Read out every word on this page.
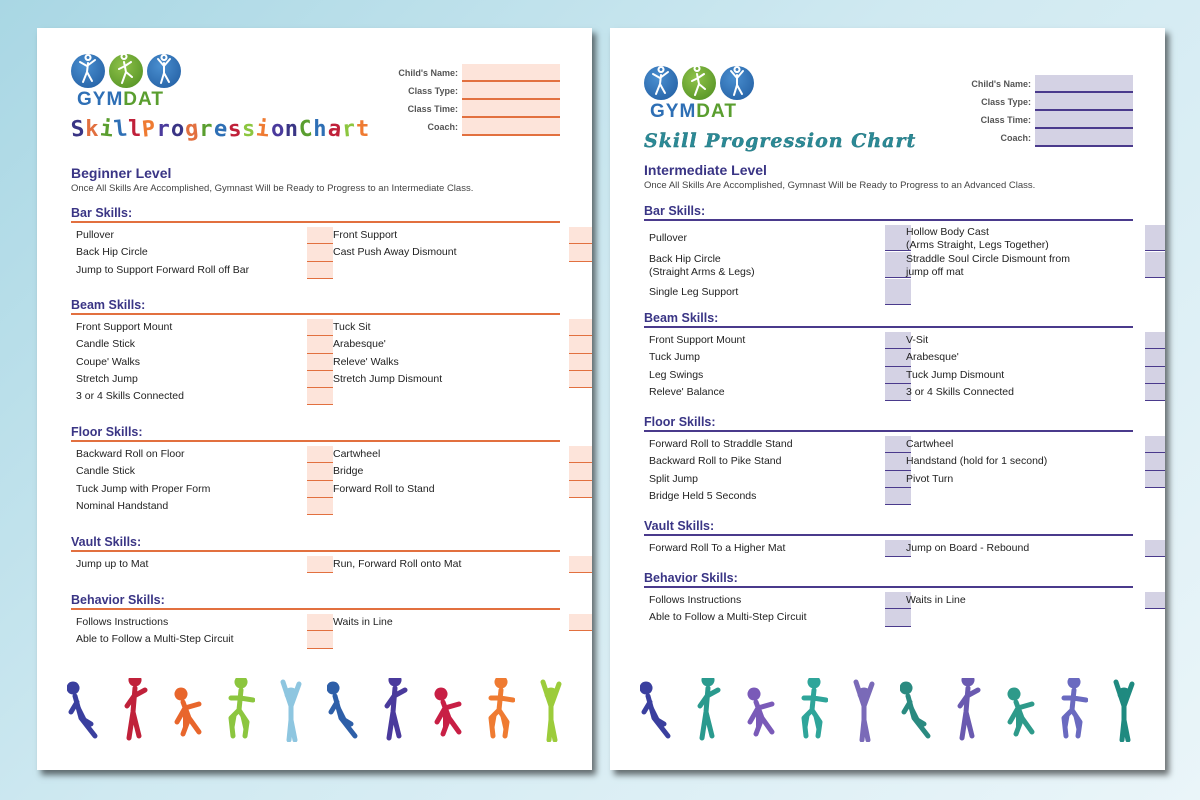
GYMDAT
SkillProgressionChart
Child's Name:
Class Type:
Class Time:
Coach:
Beginner Level
Once All Skills Are Accomplished, Gymnast Will be Ready to Progress to an Intermediate Class.
Bar Skills:
Pullover
Back Hip Circle
Jump to Support Forward Roll off Bar
Front Support
Cast Push Away Dismount
Beam Skills:
Front Support Mount
Candle Stick
Coupe' Walks
Stretch Jump
3 or 4 Skills Connected
Tuck Sit
Arabesque'
Releve' Walks
Stretch Jump Dismount
Floor Skills:
Backward Roll on Floor
Candle Stick
Tuck Jump with Proper Form
Nominal Handstand
Cartwheel
Bridge
Forward Roll to Stand
Vault Skills:
Jump up to Mat	Run, Forward Roll onto Mat
Behavior Skills:
Follows Instructions
Able to Follow a Multi-Step Circuit
Waits in Line
GYMDAT
Skill Progression Chart
Child's Name:
Class Type:
Class Time:
Coach:
Intermediate Level
Once All Skills Are Accomplished, Gymnast Will be Ready to Progress to an Advanced Class.
Bar Skills:
Pullover
Back Hip Circle
(Straight Arms & Legs)
Single Leg Support
Hollow Body Cast
(Arms Straight, Legs Together)
Straddle Soul Circle Dismount from
jump off mat
Beam Skills:
Front Support Mount
Tuck Jump
Leg Swings
Releve' Balance
V-Sit
Arabesque'
Tuck Jump Dismount
3 or 4 Skills Connected
Floor Skills:
Forward Roll to Straddle Stand
Backward Roll to Pike Stand
Split Jump
Bridge Held 5 Seconds
Cartwheel
Handstand (hold for 1 second)
Pivot Turn
Vault Skills:
Forward Roll To a Higher Mat	Jump on Board - Rebound
Behavior Skills:
Follows Instructions
Able to Follow a Multi-Step Circuit
Waits in Line
